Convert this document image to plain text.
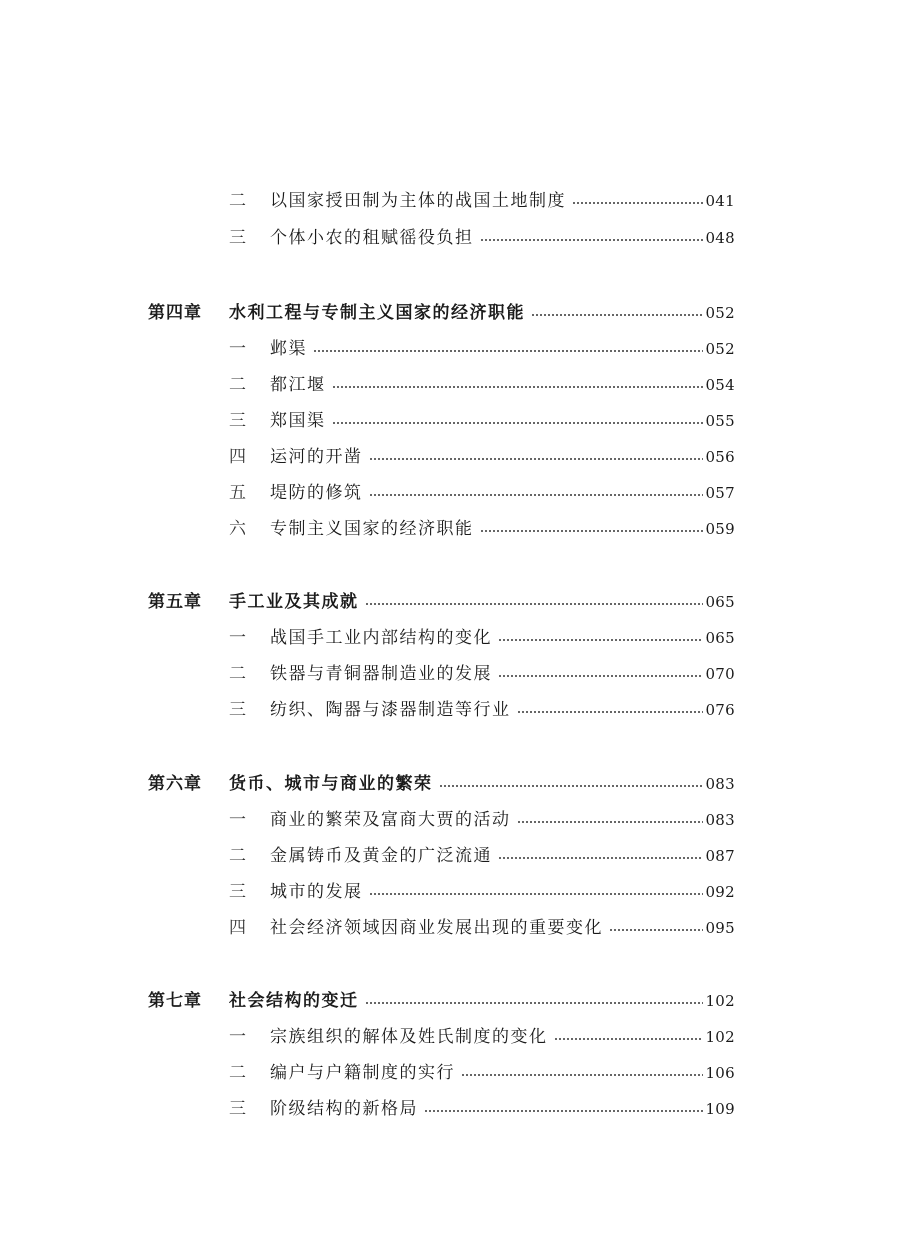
二 以国家授田制为主体的战国土地制度	041
三 个体小农的租赋徭役负担	048
第四章 水利工程与专制主义国家的经济职能	052
一 邺渠	052
二 都江堰	054
三 郑国渠	055
四 运河的开凿	056
五 堤防的修筑	057
六 专制主义国家的经济职能	059
第五章 手工业及其成就	065
一 战国手工业内部结构的变化	065
二 铁器与青铜器制造业的发展	070
三 纺织、陶器与漆器制造等行业	076
第六章 货币、城市与商业的繁荣	083
一 商业的繁荣及富商大贾的活动	083
二 金属铸币及黄金的广泛流通	087
三 城市的发展	092
四 社会经济领域因商业发展出现的重要变化	095
第七章 社会结构的变迁	102
一 宗族组织的解体及姓氏制度的变化	102
二 编户与户籍制度的实行	106
三 阶级结构的新格局	109
